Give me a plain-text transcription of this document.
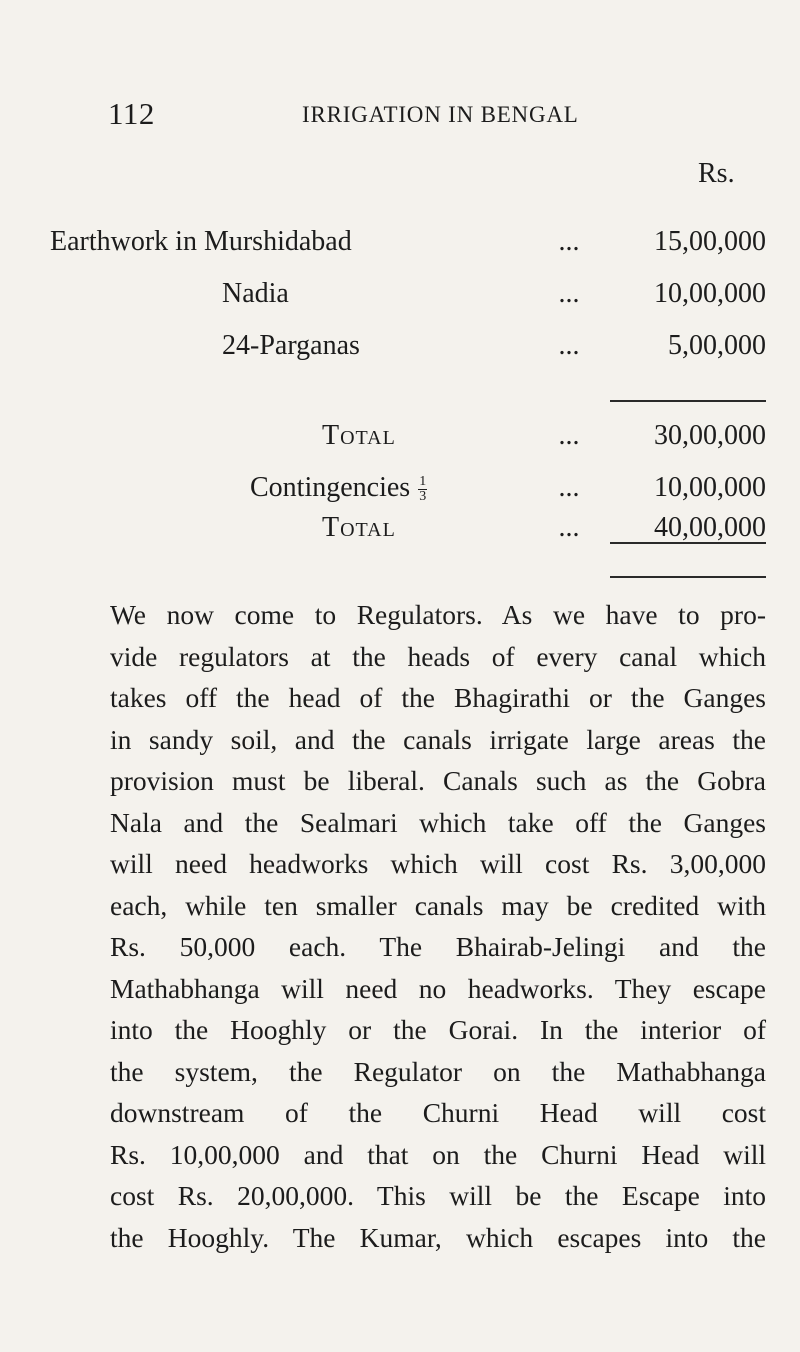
112	IRRIGATION IN BENGAL
Rs.
Earthwork in Murshidabad	...	15,00,000
Nadia	...	10,00,000
24-Parganas	...	5,00,000
Total	...	30,00,000
Contingencies $\frac{1}{3}$	...	10,00,000
Total	...	40,00,000
We now come to Regulators. As we have to pro-
vide regulators at the heads of every canal which
takes off the head of the Bhagirathi or the Ganges
in sandy soil, and the canals irrigate large areas the
provision must be liberal. Canals such as the Gobra
Nala and the Sealmari which take off the Ganges
will need headworks which will cost Rs. 3,00,000
each, while ten smaller canals may be credited with
Rs. 50,000 each. The Bhairab-Jelingi and the
Mathabhanga will need no headworks. They escape
into the Hooghly or the Gorai. In the interior of
the system, the Regulator on the Mathabhanga
downstream of the Churni Head will cost
Rs. 10,00,000 and that on the Churni Head will
cost Rs. 20,00,000. This will be the Escape into
the Hooghly. The Kumar, which escapes into the
